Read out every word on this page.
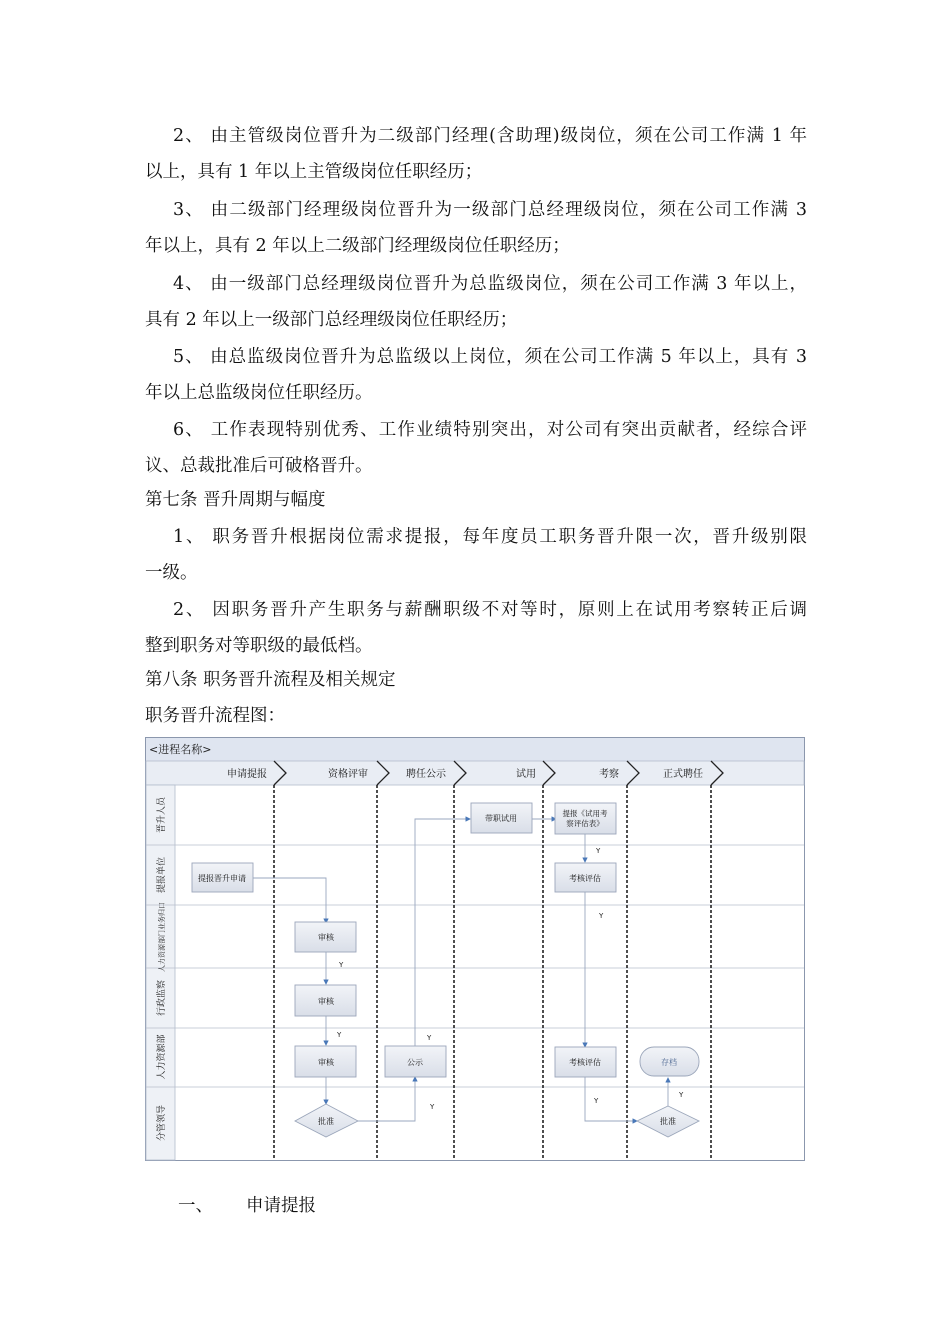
2、 由主管级岗位晋升为二级部门经理(含助理)级岗位，须在公司工作满 1 年
以上，具有 1 年以上主管级岗位任职经历；
3、 由二级部门经理级岗位晋升为一级部门总经理级岗位，须在公司工作满 3
年以上，具有 2 年以上二级部门经理级岗位任职经历；
4、 由一级部门总经理级岗位晋升为总监级岗位，须在公司工作满 3 年以上，
具有 2 年以上一级部门总经理级岗位任职经历；
5、 由总监级岗位晋升为总监级以上岗位，须在公司工作满 5 年以上，具有 3
年以上总监级岗位任职经历。
6、 工作表现特别优秀、工作业绩特别突出，对公司有突出贡献者，经综合评
议、总裁批准后可破格晋升。
第七条 晋升周期与幅度
1、 职务晋升根据岗位需求提报，每年度员工职务晋升限一次，晋升级别限
一级。
2、 因职务晋升产生职务与薪酬职级不对等时，原则上在试用考察转正后调
整到职务对等职级的最低档。
第八条 职务晋升流程及相关规定
职务晋升流程图：
<进程名称>
申请提报	资格评审	聘任公示	试用	考察	正式聘任
晋升人员
提报单位
人力资源部门业务归口
行政监察
人力资源部
分管领导
Y
Y	Y
Y
Y
Y
Y
Y
提报晋升申请
审核
审核
审核	公示
带职试用
提报《试用考察评估表》
考核评估
考核评估	存档
批准	批准
一、 申请提报
